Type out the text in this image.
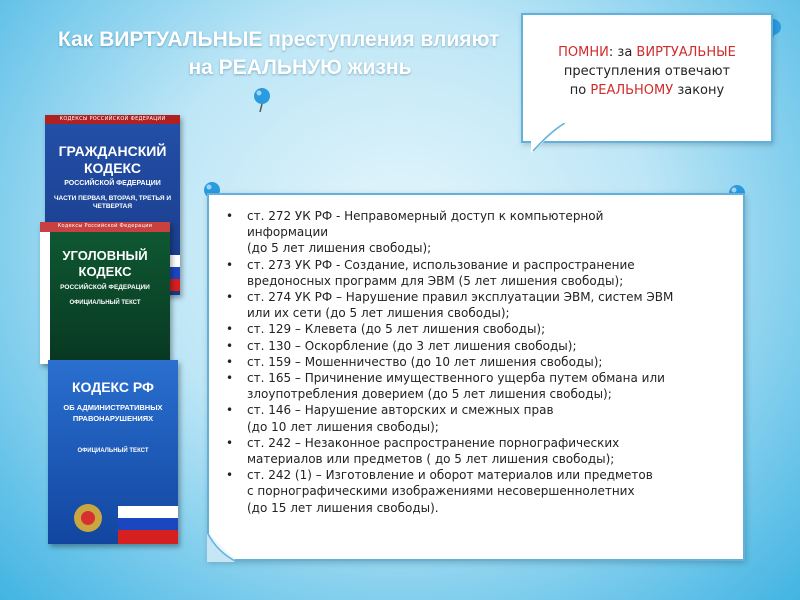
Как ВИРТУАЛЬНЫЕ преступления влияют
на РЕАЛЬНУЮ жизнь
ПОМНИ: за ВИРТУАЛЬНЫЕ
преступления отвечают
по РЕАЛЬНОМУ закону
КОДЕКСЫ РОССИЙСКОЙ ФЕДЕРАЦИИ
ГРАЖДАНСКИЙ КОДЕКС
РОССИЙСКОЙ ФЕДЕРАЦИИ
ЧАСТИ ПЕРВАЯ, ВТОРАЯ, ТРЕТЬЯ И ЧЕТВЕРТАЯ
Кодексы Российской Федерации
УГОЛОВНЫЙ КОДЕКС
РОССИЙСКОЙ ФЕДЕРАЦИИ
ОФИЦИАЛЬНЫЙ ТЕКСТ
КОДЕКС РФ
ОБ АДМИНИСТРАТИВНЫХ ПРАВОНАРУШЕНИЯХ
ОФИЦИАЛЬНЫЙ ТЕКСТ
• ст. 272 УК РФ - Неправомерный доступ к компьютерной
информации
(до 5 лет лишения свободы);
• ст. 273 УК РФ - Создание, использование и распространение
вредоносных программ для ЭВМ (5 лет лишения свободы);
• ст. 274 УК РФ – Нарушение правил эксплуатации ЭВМ, систем ЭВМ
или их сети (до 5 лет лишения свободы);
• ст. 129 – Клевета (до 5 лет лишения свободы);
• ст. 130 – Оскорбление (до 3 лет лишения свободы);
• ст. 159 – Мошенничество (до 10 лет лишения свободы);
• ст. 165 – Причинение имущественного ущерба путем обмана или
злоупотребления доверием (до 5 лет лишения свободы);
• ст. 146 – Нарушение авторских и смежных прав
(до 10 лет лишения свободы);
• ст. 242 – Незаконное распространение порнографических
материалов или предметов ( до 5 лет лишения свободы);
• ст. 242 (1) – Изготовление и оборот материалов или предметов
с порнографическими изображениями несовершеннолетних
(до 15 лет лишения свободы).
